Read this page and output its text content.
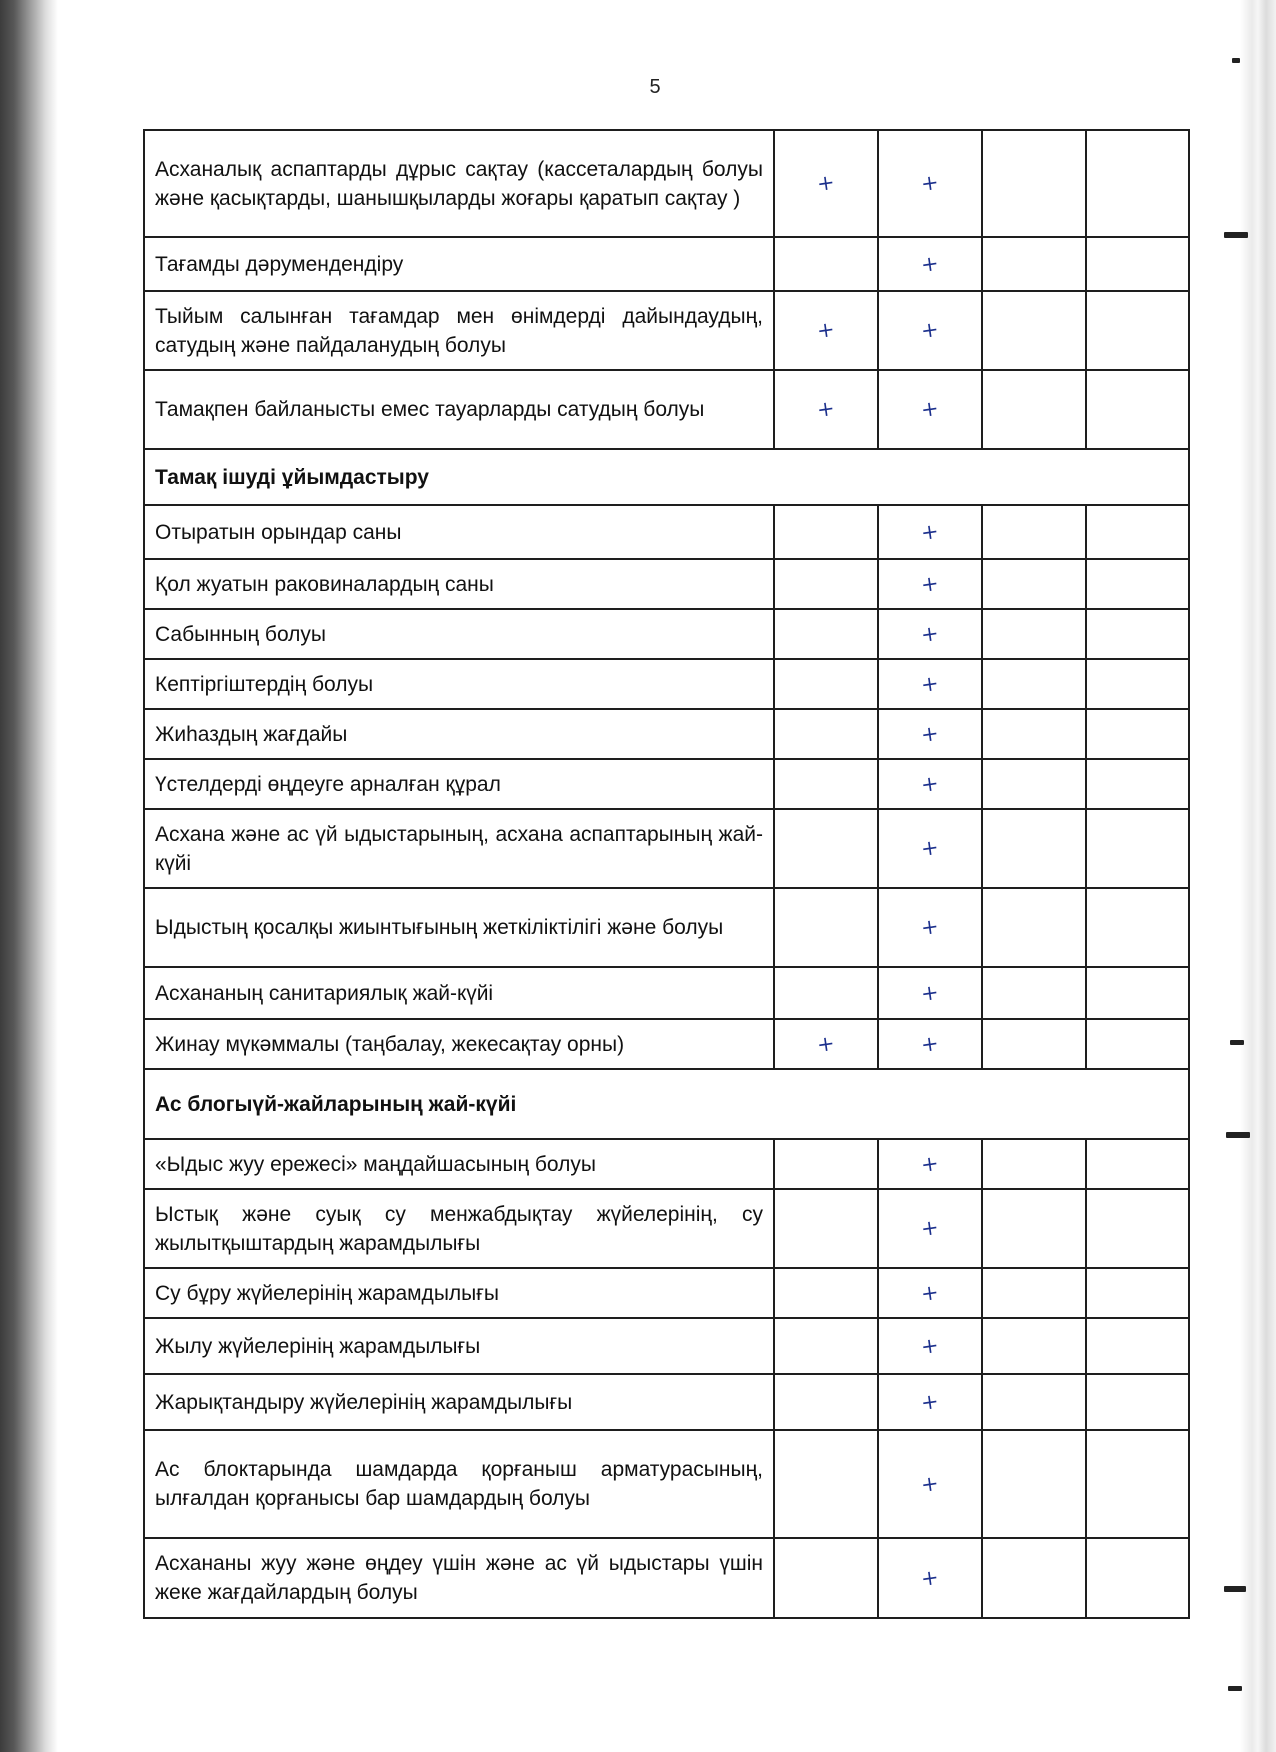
5
Асханалық аспаптарды дұрыс сақтау (кассеталардың болуы және қасықтарды, шанышқыларды жоғары қаратып сақтау )	+	+		
Тағамды дәрумендендіру		+		
Тыйым салынған тағамдар мен өнімдерді дайындаудың, сатудың және пайдаланудың болуы	+	+		
Тамақпен байланысты емес тауарларды сатудың болуы	+	+		
Тамақ ішуді ұйымдастыру				
Отыратын орындар саны		+		
Қол жуатын раковиналардың саны		+		
Сабынның болуы		+		
Кептіргіштердің болуы		+		
Жиһаздың жағдайы		+		
Үстелдерді өңдеуге арналған құрал		+		
Асхана және ас үй ыдыстарының, асхана аспаптарының жай-күйі		+		
Ыдыстың қосалқы жиынтығының жеткіліктілігі және болуы		+		
Асхананың санитариялық жай-күйі		+		
Жинау мүкәммалы (таңбалау, жекесақтау орны)	+	+		
Ас блогыүй-жайларының жай-күйі				
«Ыдыс жуу ережесі» маңдайшасының болуы		+		
Ыстық және суық су менжабдықтау жүйелерінің, су жылытқыштардың жарамдылығы		+		
Су бұру жүйелерінің жарамдылығы		+		
Жылу жүйелерінің жарамдылығы		+		
Жарықтандыру жүйелерінің жарамдылығы		+		
Ас блоктарында шамдарда қорғаныш арматурасының, ылғалдан қорғанысы бар шамдардың болуы		+		
Асхананы жуу және өңдеу үшін және ас үй ыдыстары үшін жеке жағдайлардың болуы		+		
